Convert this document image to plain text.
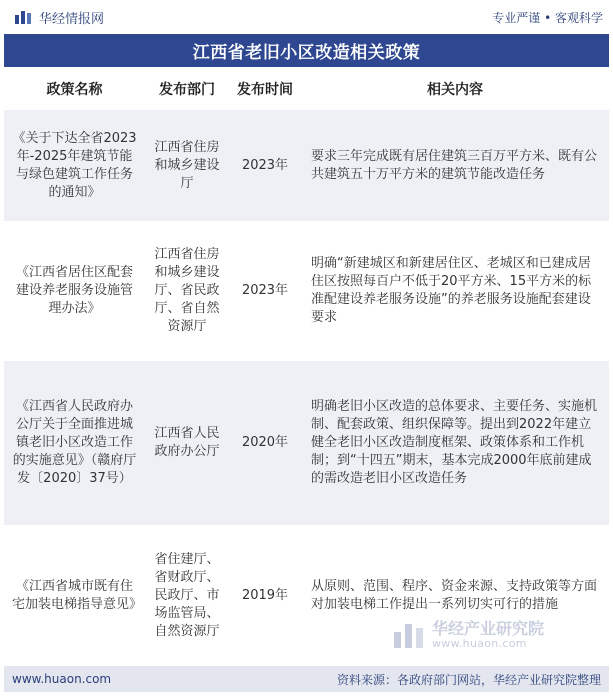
华经情报网	专业严谨 • 客观科学
江西省老旧小区改造相关政策
政策名称	发布部门	发布时间	相关内容
《关于下达全省2023年-2025年建筑节能与绿色建筑工作任务的通知》	江西省住房和城乡建设厅	2023年	要求三年完成既有居住建筑三百万平方米、既有公共建筑五十万平方米的建筑节能改造任务
《江西省居住区配套建设养老服务设施管理办法》	江西省住房和城乡建设厅、省民政厅、省自然资源厅	2023年	明确“新建城区和新建居住区、老城区和已建成居住区按照每百户不低于20平方米、15平方米的标准配建设养老服务设施”的养老服务设施配套建设要求
《江西省人民政府办公厅关于全面推进城镇老旧小区改造工作的实施意见》（赣府厅发〔2020〕37号）	江西省人民政府办公厅	2020年	明确老旧小区改造的总体要求、主要任务、实施机制、配套政策、组织保障等。提出到2022年建立健全老旧小区改造制度框架、政策体系和工作机制；到“十四五”期末，基本完成2000年底前建成的需改造老旧小区改造任务
《江西省城市既有住宅加装电梯指导意见》	省住建厅、省财政厅、民政厅、市场监管局、自然资源厅	2019年	从原则、范围、程序、资金来源、支持政策等方面对加装电梯工作提出一系列切实可行的措施
华经产业研究院
www.huaon.com
www.huaon.com	资料来源：各政府部门网站，华经产业研究院整理
